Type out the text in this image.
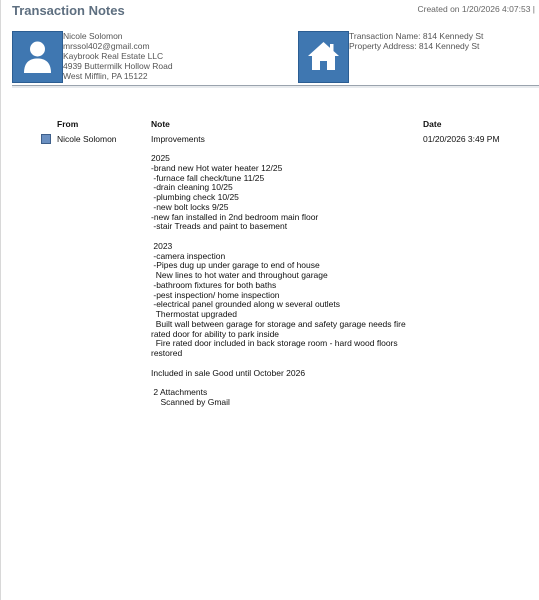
Transaction Notes	Created on 1/20/2026 4:07:53 |
Nicole Solomon
mrssol402@gmail.com
Kaybrook Real Estate LLC
4939 Buttermilk Hollow Road
West Mifflin, PA 15122
Transaction Name: 814 Kennedy St
Property Address: 814 Kennedy St
From	Note	Date
Nicole Solomon	Improvements	01/20/2026 3:49 PM
2025
-brand new Hot water heater 12/25
-furnace fall check/tune 11/25
-drain cleaning 10/25
-plumbing check 10/25
-new bolt locks 9/25
-new fan installed in 2nd bedroom main floor
-stair Treads and paint to basement

2023
-camera inspection
-Pipes dug up under garage to end of house
New lines to hot water and throughout garage
-bathroom fixtures for both baths
-pest inspection/ home inspection
-electrical panel grounded along w several outlets
Thermostat upgraded
Built wall between garage for storage and safety garage needs fire rated door for ability to park inside
Fire rated door included in back storage room - hard wood floors restored

Included in sale Good until October 2026

2 Attachments
Scanned by Gmail
